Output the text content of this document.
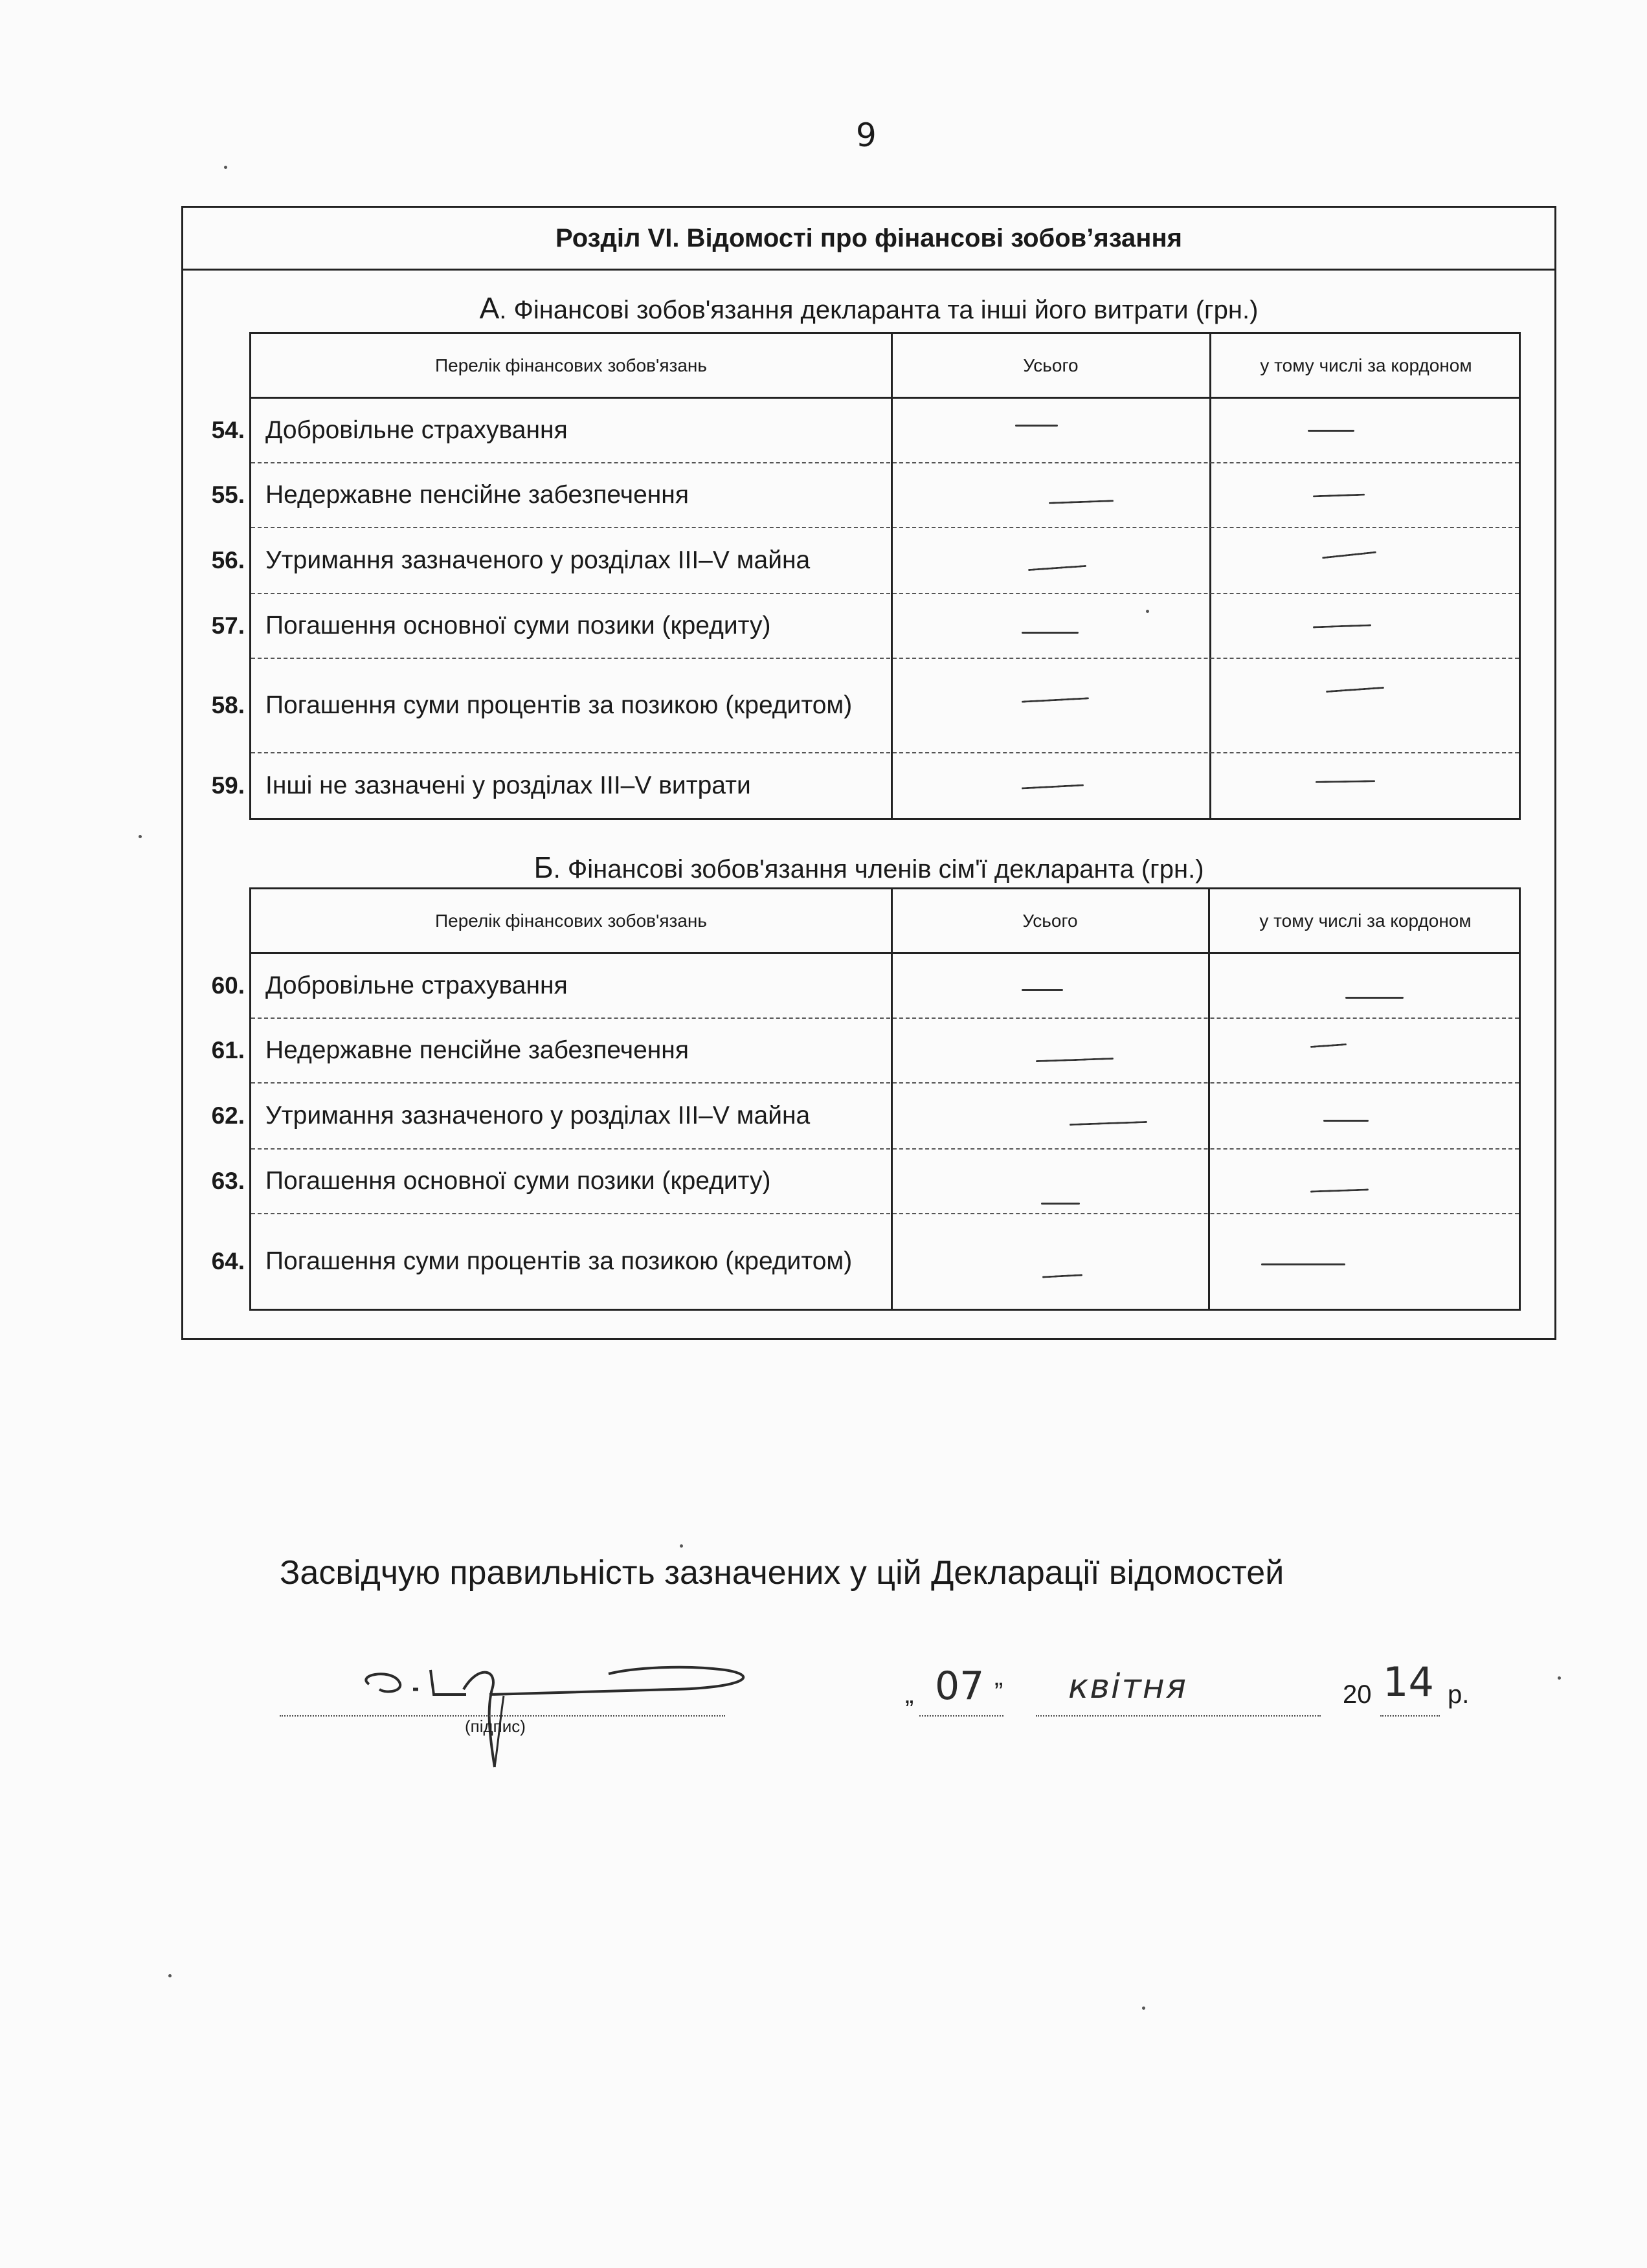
9
Розділ VI. Відомості про фінансові зобов’язання
А. Фінансові зобов'язання декларанта та інші його витрати (грн.)
Перелік фінансових зобов'язань	Усього	у тому числі за кордоном
54. Добровільне страхування
55. Недержавне пенсійне забезпечення
56. Утримання зазначеного у розділах III–V майна
57. Погашення основної суми позики (кредиту)
58. Погашення суми процентів за позикою (кредитом)
59. Інші не зазначені у розділах III–V витрати
Б. Фінансові зобов'язання членів сім'ї декларанта (грн.)
Перелік фінансових зобов'язань	Усього	у тому числі за кордоном
60. Добровільне страхування
61. Недержавне пенсійне забезпечення
62. Утримання зазначеного у розділах III–V майна
63. Погашення основної суми позики (кредиту)
64. Погашення суми процентів за позикою (кредитом)
Засвідчую правильність зазначених у цій Декларації відомостей
(підпис)
„ 07 ” квітня	20 14 р.
